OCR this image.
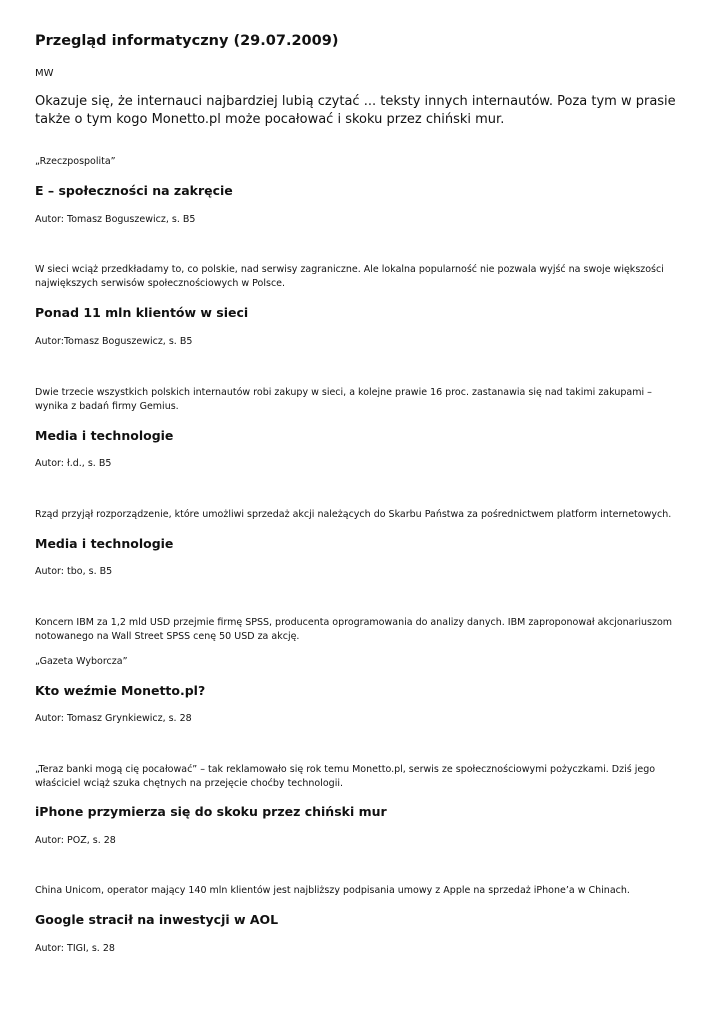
Przegląd informatyczny (29.07.2009)

MW

Okazuje się, że internauci najbardziej lubią czytać ... teksty innych internautów. Poza tym w prasie także o tym kogo Monetto.pl może pocałować i skoku przez chiński mur.

„Rzeczpospolita”

E – społeczności na zakręcie

Autor: Tomasz Boguszewicz, s. B5

W sieci wciąż przedkładamy to, co polskie, nad serwisy zagraniczne. Ale lokalna popularność nie pozwala wyjść na swoje większości największych serwisów społecznościowych w Polsce.

Ponad 11 mln klientów w sieci

Autor:Tomasz Boguszewicz, s. B5

Dwie trzecie wszystkich polskich internautów robi zakupy w sieci, a kolejne prawie 16 proc. zastanawia się nad takimi zakupami – wynika z badań firmy Gemius.

Media i technologie

Autor: ł.d., s. B5

Rząd przyjął rozporządzenie, które umożliwi sprzedaż akcji należących do Skarbu Państwa za pośrednictwem platform internetowych.

Media i technologie

Autor: tbo, s. B5

Koncern IBM za 1,2 mld USD przejmie firmę SPSS, producenta oprogramowania do analizy danych. IBM zaproponował akcjonariuszom notowanego na Wall Street SPSS cenę 50 USD za akcję.

„Gazeta Wyborcza”

Kto weźmie Monetto.pl?

Autor: Tomasz Grynkiewicz, s. 28

„Teraz banki mogą cię pocałować” – tak reklamowało się rok temu Monetto.pl, serwis ze społecznościowymi pożyczkami. Dziś jego właściciel wciąż szuka chętnych na przejęcie choćby technologii.

iPhone przymierza się do skoku przez chiński mur

Autor: POZ, s. 28

China Unicom, operator mający 140 mln klientów jest najbliższy podpisania umowy z Apple na sprzedaż iPhone’a w Chinach.

Google stracił na inwestycji w AOL

Autor: TIGI, s. 28
